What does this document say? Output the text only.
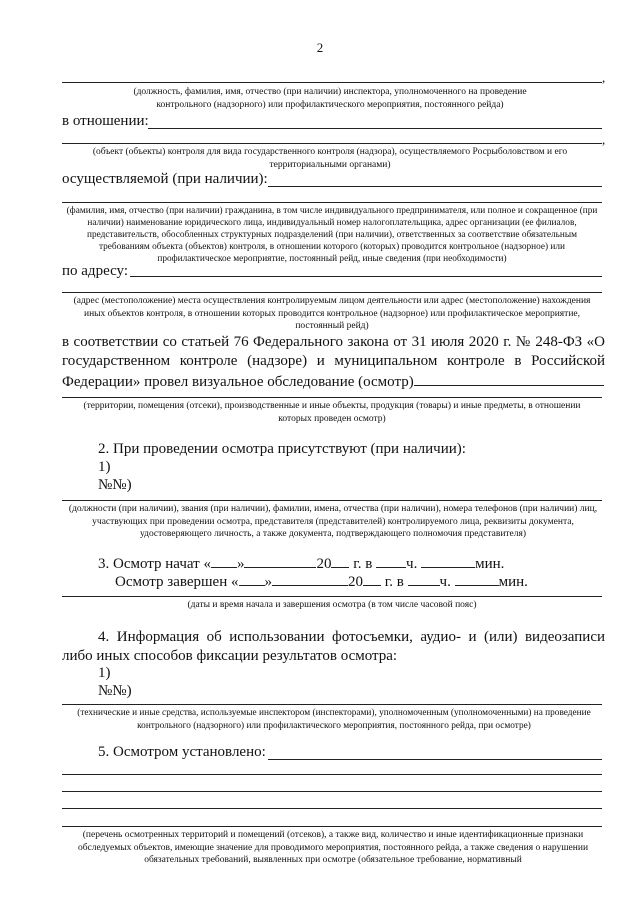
2
,
(должность, фамилия, имя, отчество (при наличии) инспектора, уполномоченного на проведение контрольного (надзорного) или профилактического мероприятия, постоянного рейда)
в отношении:
,
(объект (объекты) контроля для вида государственного контроля (надзора), осуществляемого Росрыболовством и его территориальными органами)
осуществляемой (при наличии):
(фамилия, имя, отчество (при наличии) гражданина, в том числе индивидуального предпринимателя, или полное и сокращенное (при наличии) наименование юридического лица, индивидуальный номер налогоплательщика, адрес организации (ее филиалов, представительств, обособленных структурных подразделений (при наличии), ответственных за соответствие обязательным требованиям объекта (объектов) контроля, в отношении которого (которых) проводится контрольное (надзорное) или профилактическое мероприятие, постоянный рейд, иные сведения (при необходимости)
по адресу:
(адрес (местоположение) места осуществления контролируемым лицом деятельности или адрес (местоположение) нахождения иных объектов контроля, в отношении которых проводится контрольное (надзорное) или профилактическое мероприятие, постоянный рейд)
в соответствии со статьей 76 Федерального закона от 31 июля 2020 г. № 248-ФЗ «О государственном контроле (надзоре) и муниципальном контроле в Российской Федерации» провел визуальное обследование (осмотр)
(территории, помещения (отсеки), производственные и иные объекты, продукция (товары) и иные предметы, в отношении которых проведен осмотр)
2. При проведении осмотра присутствуют (при наличии):
1)
№№)
(должности (при наличии), звания (при наличии), фамилии, имена, отчества (при наличии), номера телефонов (при наличии) лиц, участвующих при проведении осмотра, представителя (представителей) контролируемого лица, реквизиты документа, удостоверяющего личность, а также документа, подтверждающего полномочия представителя)
3. Осмотр начат « »	20 г. в ч.	мин.
Осмотр завершен « »	20 г. в ч.	мин.
(даты и время начала и завершения осмотра (в том числе часовой пояс)
4. Информация об использовании фотосъемки, аудио- и (или) видеозаписи либо иных способов фиксации результатов осмотра:
1)
№№)
(технические и иные средства, используемые инспектором (инспекторами), уполномоченным (уполномоченными) на проведение контрольного (надзорного) или профилактического мероприятия, постоянного рейда, при осмотре)
5. Осмотром установлено:
(перечень осмотренных территорий и помещений (отсеков), а также вид, количество и иные идентификационные признаки обследуемых объектов, имеющие значение для проводимого мероприятия, постоянного рейда, а также сведения о нарушении обязательных требований, выявленных при осмотре (обязательное требование, нормативный
